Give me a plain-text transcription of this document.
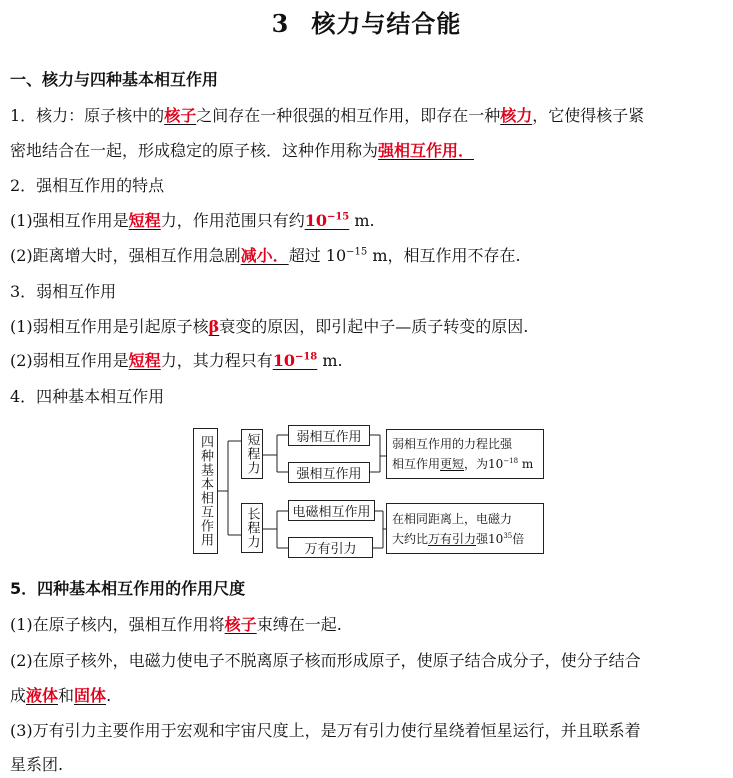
3 核力与结合能
一、核力与四种基本相互作用
1．核力：原子核中的核子之间存在一种很强的相互作用，即存在一种核力，它使得核子紧
密地结合在一起，形成稳定的原子核．这种作用称为强相互作用．
2．强相互作用的特点
(1)强相互作用是短程力，作用范围只有约$10^{-15}$ m.
(2)距离增大时，强相互作用急剧减小．超过 $10^{-15}$ m，相互作用不存在.
3．弱相互作用
(1)弱相互作用是引起原子核β衰变的原因，即引起中子—质子转变的原因.
(2)弱相互作用是短程力，其力程只有$10^{-18}$ m.
4．四种基本相互作用
四种基本相互作用	短程力
长程力
弱相互作用
强相互作用
电磁相互作用
万有引力
弱相互作用的力程比强
相互作用更短，为$10^{-18}$ m
在相同距离上，电磁力
大约比万有引力强$10^{35}$倍
5．四种基本相互作用的作用尺度
(1)在原子核内，强相互作用将核子束缚在一起.
(2)在原子核外，电磁力使电子不脱离原子核而形成原子，使原子结合成分子，使分子结合
成液体和固体.
(3)万有引力主要作用于宏观和宇宙尺度上，是万有引力使行星绕着恒星运行，并且联系着
星系团.
